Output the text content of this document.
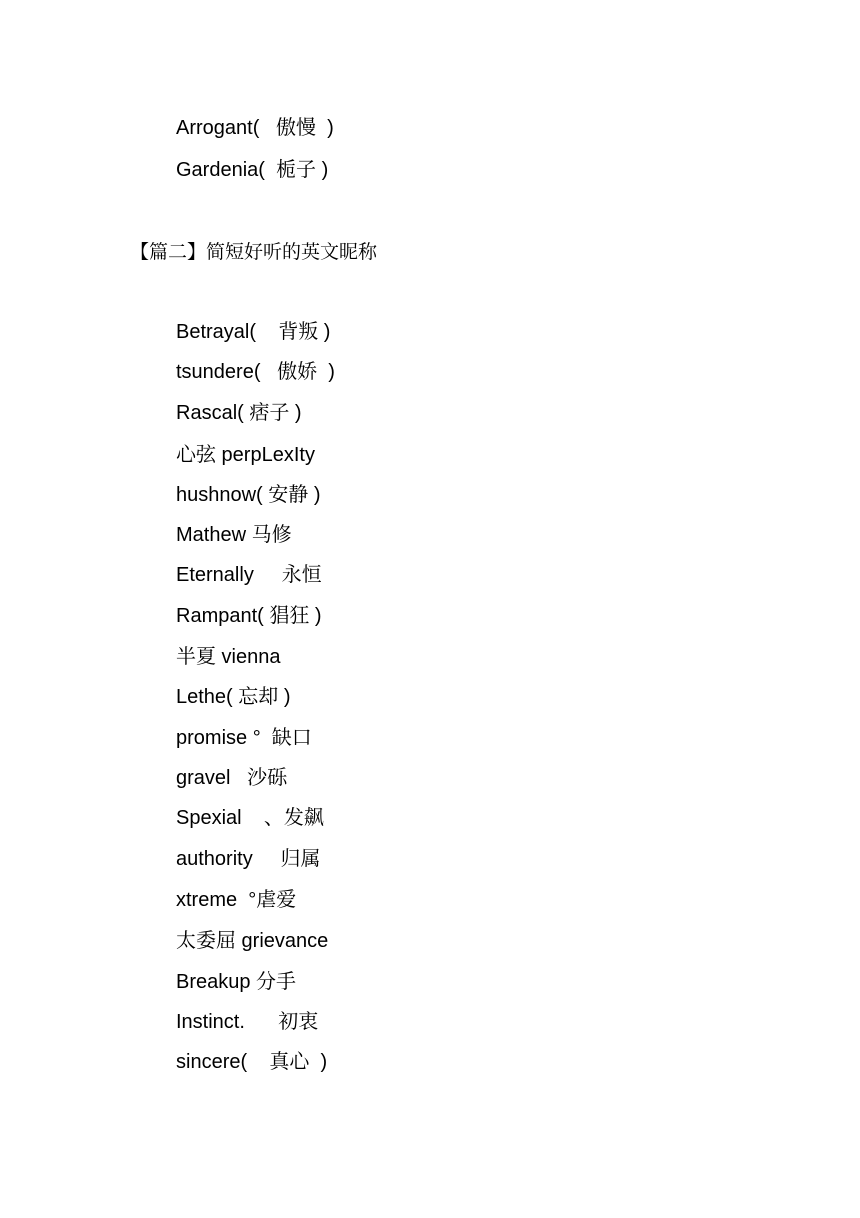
Arrogant(   傲慢  )
Gardenia(  栀子 )
【篇二】简短好听的英文昵称
Betrayal(    背叛 )
tsundere(   傲娇  )
Rascal( 痞子 )
心弦 perpLexIty
hushnow( 安静 )
Mathew 马修
Eternally     永恒
Rampant( 猖狂 )
半夏 vienna
Lethe( 忘却 )
promise °  缺口
gravel   沙砾
Spexial    、发飙
authority     归属
xtreme  °虐爱
太委屈 grievance
Breakup 分手
Instinct.      初衷
sincere(    真心  )
